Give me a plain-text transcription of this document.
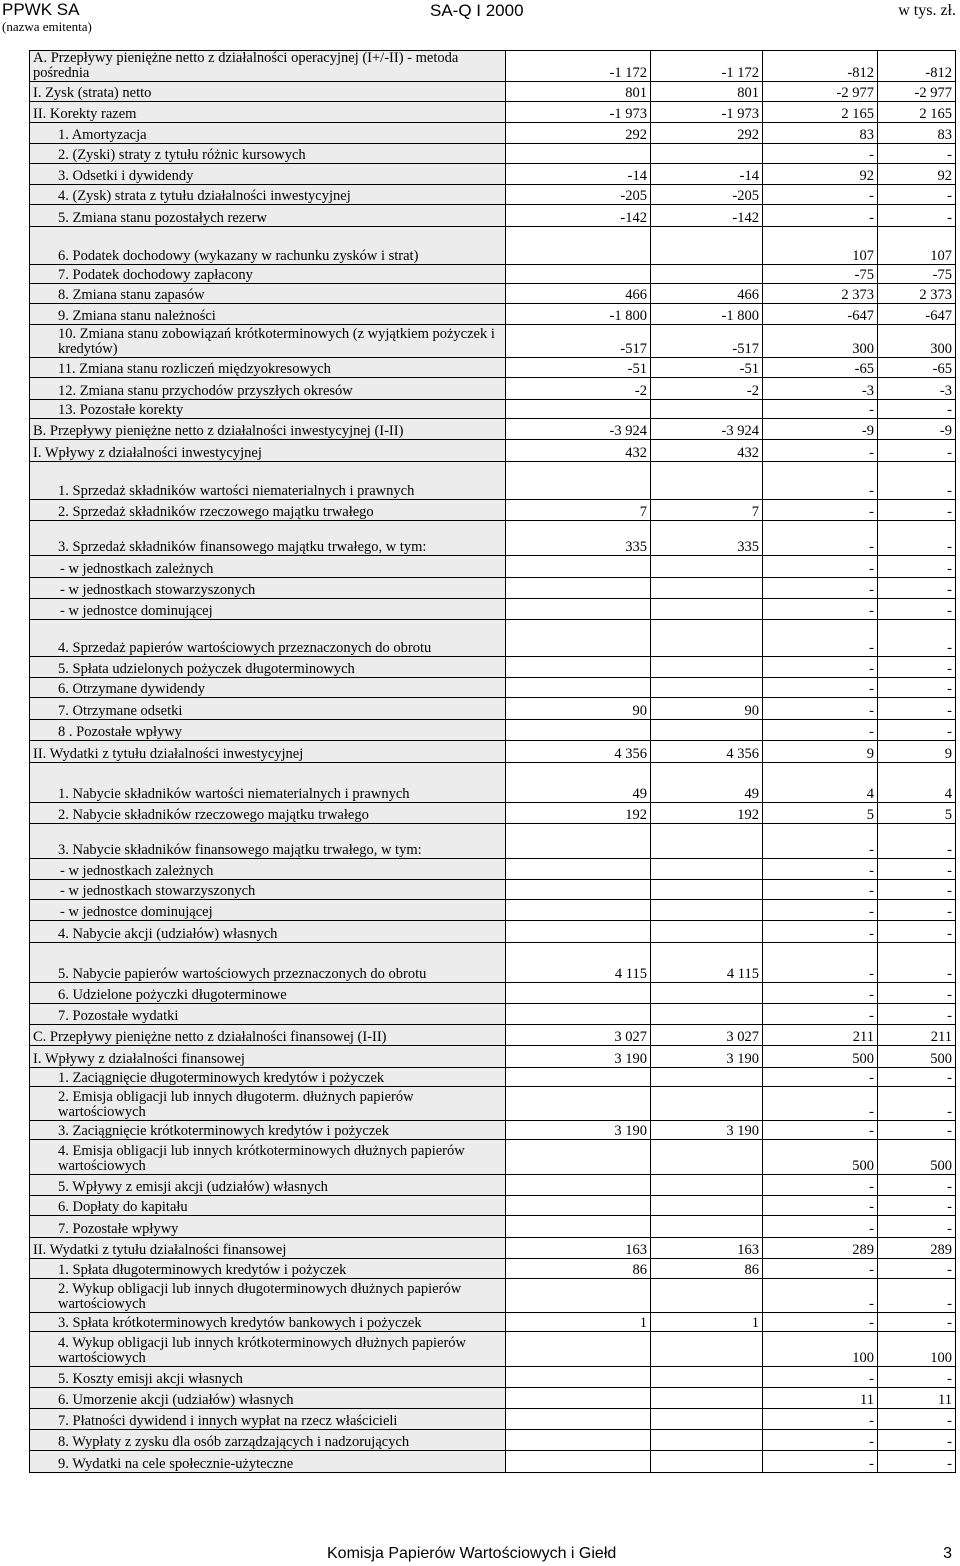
PPWK SA
(nazwa emitenta)
SA-Q I 2000	w tys. zł.
A. Przepływy pieniężne netto z działalności operacyjnej (I+/-II) - metoda pośrednia	-1 172	-1 172	-812	-812
I. Zysk (strata) netto	801	801	-2 977	-2 977
II. Korekty razem	-1 973	-1 973	2 165	2 165
1. Amortyzacja	292	292	83	83
2. (Zyski) straty z tytułu różnic kursowych			-	-
3. Odsetki i dywidendy	-14	-14	92	92
4. (Zysk) strata z tytułu działalności inwestycyjnej	-205	-205	-	-
5. Zmiana stanu pozostałych rezerw	-142	-142	-	-
6. Podatek dochodowy (wykazany w rachunku zysków i strat)			107	107
7. Podatek dochodowy zapłacony			-75	-75
8. Zmiana stanu zapasów	466	466	2 373	2 373
9. Zmiana stanu należności	-1 800	-1 800	-647	-647
10. Zmiana stanu zobowiązań krótkoterminowych (z wyjątkiem pożyczek i kredytów)	-517	-517	300	300
11. Zmiana stanu rozliczeń międzyokresowych	-51	-51	-65	-65
12. Zmiana stanu przychodów przyszłych okresów	-2	-2	-3	-3
13. Pozostałe korekty			-	-
B. Przepływy pieniężne netto z działalności inwestycyjnej (I-II)	-3 924	-3 924	-9	-9
I. Wpływy z działalności inwestycyjnej	432	432	-	-
1. Sprzedaż składników wartości niematerialnych i prawnych			-	-
2. Sprzedaż składników rzeczowego majątku trwałego	7	7	-	-
3. Sprzedaż składników finansowego majątku trwałego, w tym:	335	335	-	-
- w jednostkach zależnych			-	-
- w jednostkach stowarzyszonych			-	-
- w jednostce dominującej			-	-
4. Sprzedaż papierów wartościowych przeznaczonych do obrotu			-	-
5. Spłata udzielonych pożyczek długoterminowych			-	-
6. Otrzymane dywidendy			-	-
7. Otrzymane odsetki	90	90	-	-
8 . Pozostałe wpływy			-	-
II. Wydatki z tytułu działalności inwestycyjnej	4 356	4 356	9	9
1. Nabycie składników wartości niematerialnych i prawnych	49	49	4	4
2. Nabycie składników rzeczowego majątku trwałego	192	192	5	5
3. Nabycie składników finansowego majątku trwałego, w tym:			-	-
- w jednostkach zależnych			-	-
- w jednostkach stowarzyszonych			-	-
- w jednostce dominującej			-	-
4. Nabycie akcji (udziałów) własnych			-	-
5. Nabycie papierów wartościowych przeznaczonych do obrotu	4 115	4 115	-	-
6. Udzielone pożyczki długoterminowe			-	-
7. Pozostałe wydatki			-	-
C. Przepływy pieniężne netto z działalności finansowej (I-II)	3 027	3 027	211	211
I. Wpływy z działalności finansowej	3 190	3 190	500	500
1. Zaciągnięcie długoterminowych kredytów i pożyczek			-	-
2. Emisja obligacji lub innych długoterm. dłużnych papierów wartościowych			-	-
3. Zaciągnięcie krótkoterminowych kredytów i pożyczek	3 190	3 190	-	-
4. Emisja obligacji lub innych krótkoterminowych dłużnych papierów wartościowych			500	500
5. Wpływy z emisji akcji (udziałów) własnych			-	-
6. Dopłaty do kapitału			-	-
7. Pozostałe wpływy			-	-
II. Wydatki z tytułu działalności finansowej	163	163	289	289
1. Spłata długoterminowych kredytów i pożyczek	86	86	-	-
2. Wykup obligacji lub innych długoterminowych dłużnych papierów wartościowych			-	-
3. Spłata krótkoterminowych kredytów bankowych i pożyczek	1	1	-	-
4. Wykup obligacji lub innych krótkoterminowych dłużnych papierów wartościowych			100	100
5. Koszty emisji akcji własnych			-	-
6. Umorzenie akcji (udziałów) własnych			11	11
7. Płatności dywidend i innych wypłat na rzecz właścicieli			-	-
8. Wypłaty z zysku dla osób zarządzających i nadzorujących			-	-
9. Wydatki na cele społecznie-użyteczne			-	-
Komisja Papierów Wartościowych i Giełd	3
